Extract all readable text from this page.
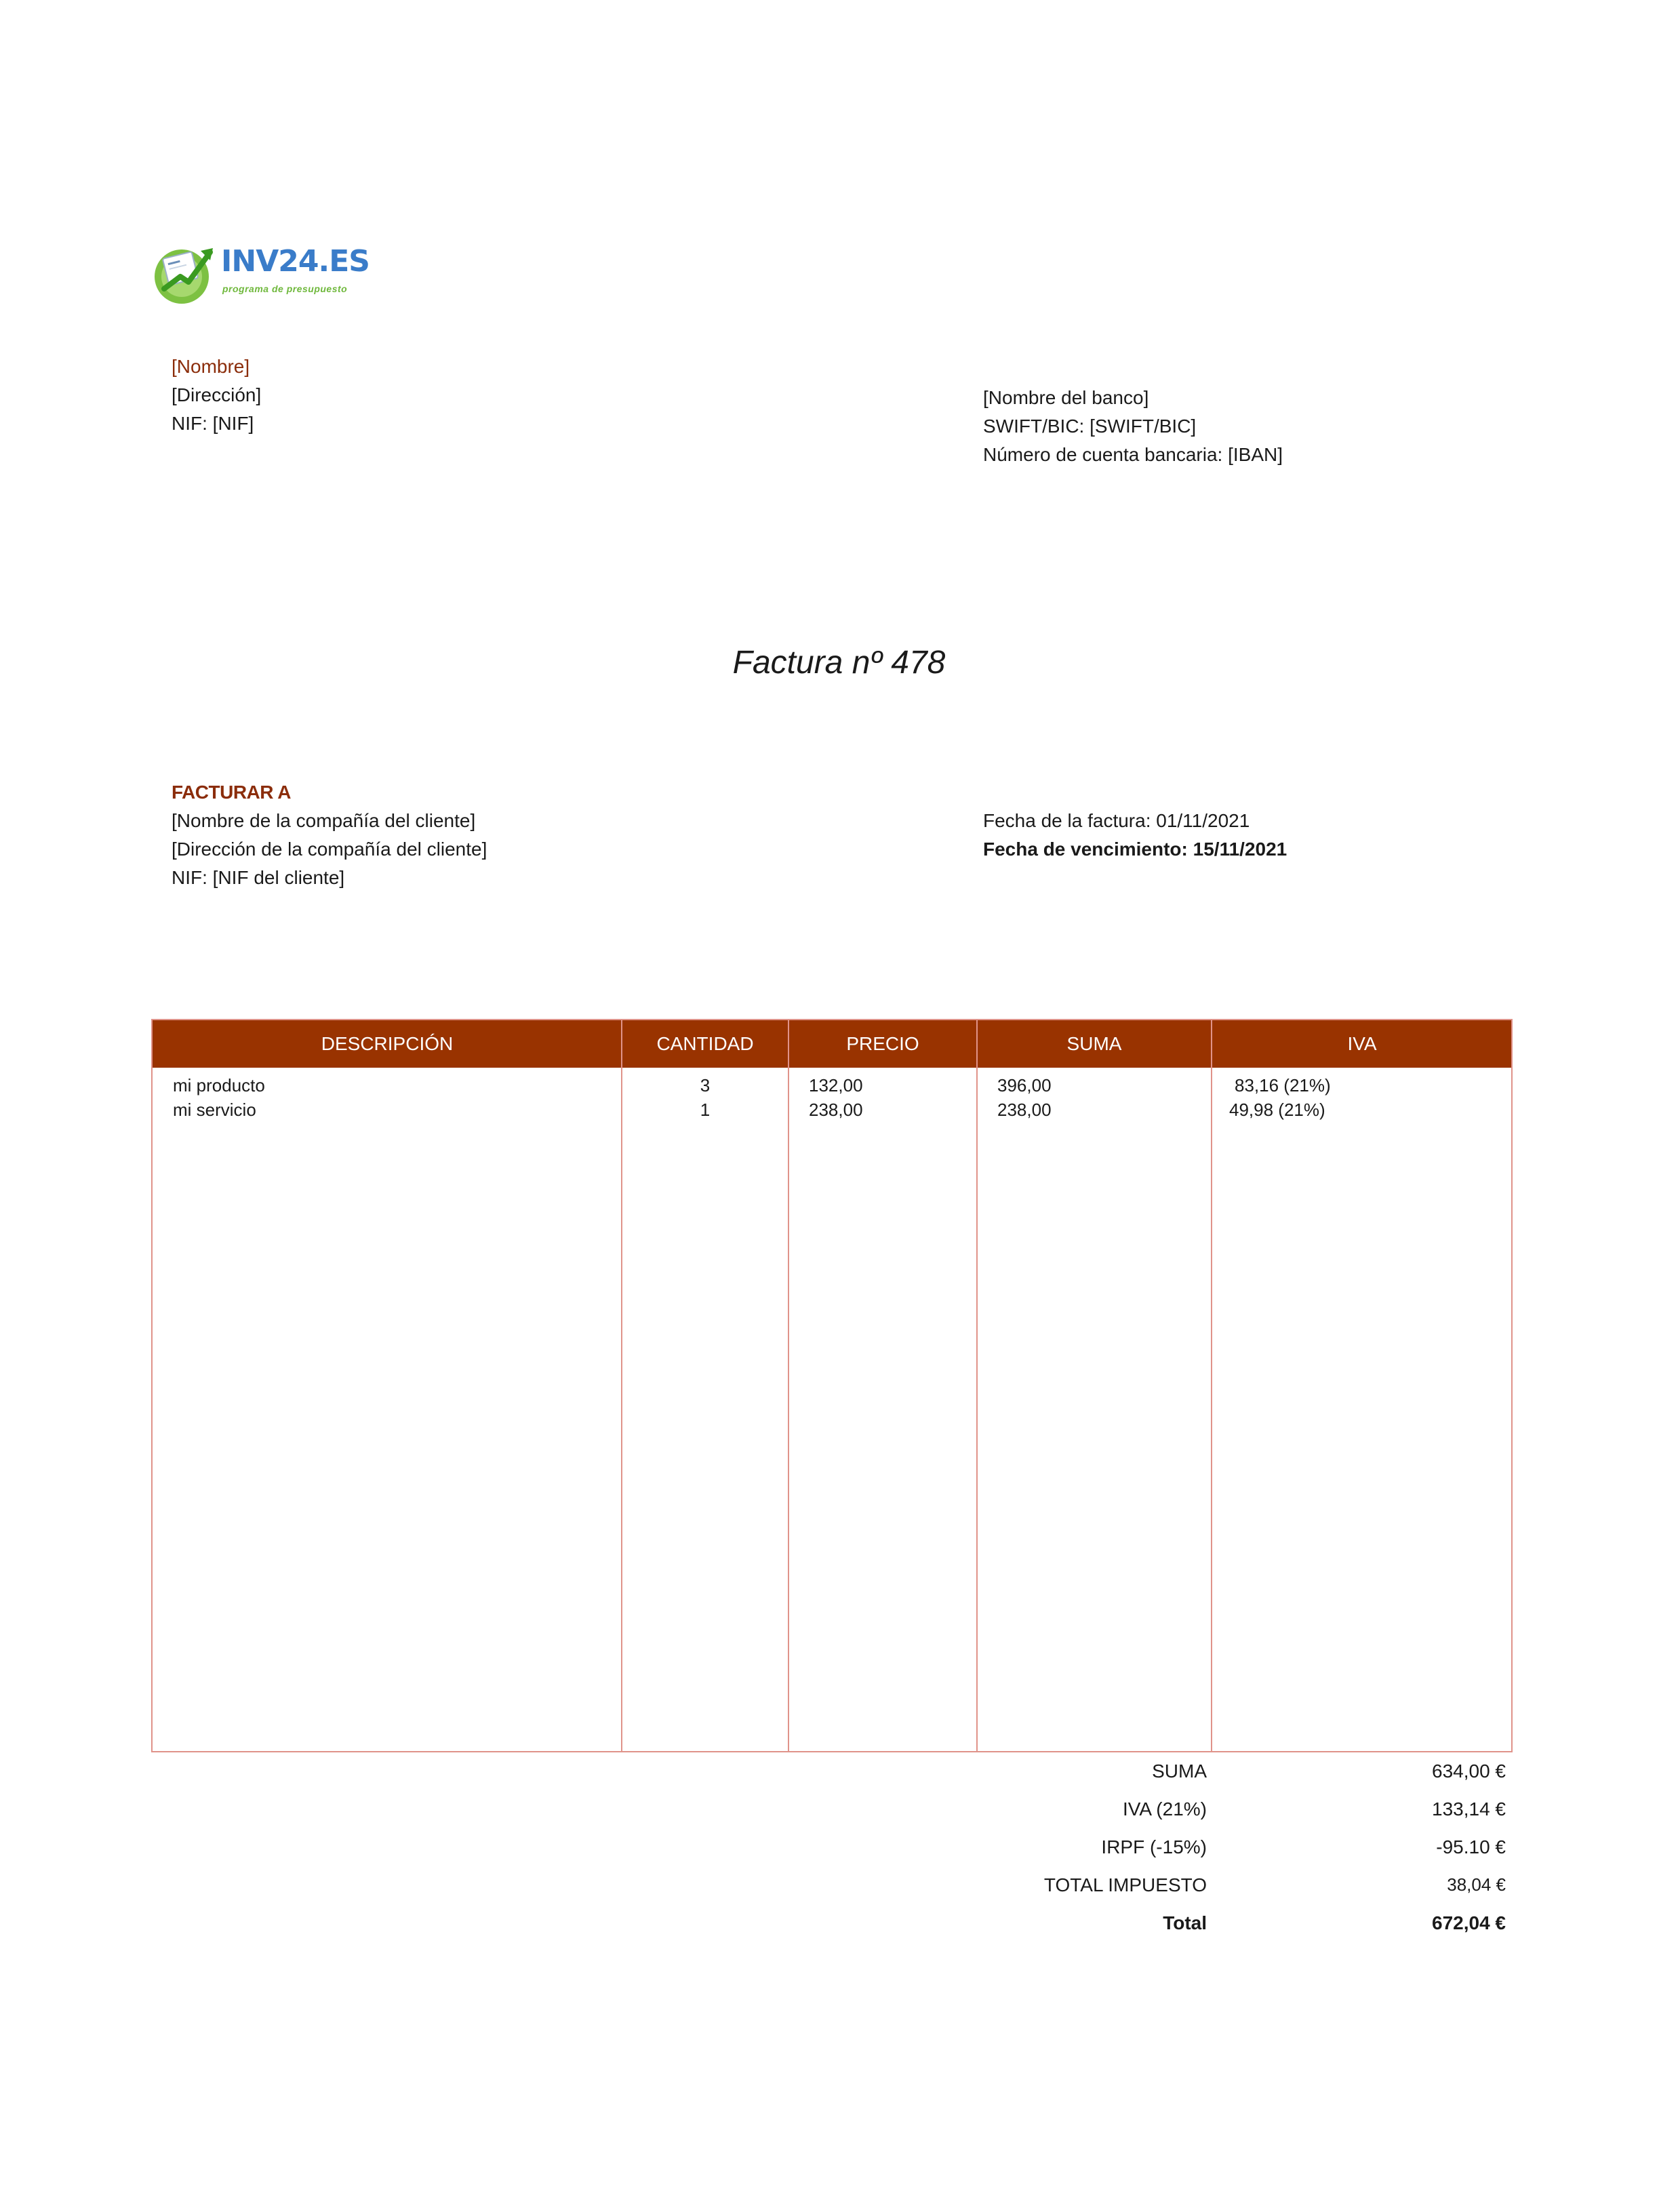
INV24.ES
programa de presupuesto
[Nombre]
[Dirección]
NIF: [NIF]
[Nombre del banco]
SWIFT/BIC: [SWIFT/BIC]
Número de cuenta bancaria: [IBAN]
Factura nº 478
FACTURAR A
[Nombre de la compañía del cliente]
[Dirección de la compañía del cliente]
NIF: [NIF del cliente]
Fecha de la factura: 01/11/2021
Fecha de vencimiento: 15/11/2021
DESCRIPCIÓN	CANTIDAD	PRECIO	SUMA	IVA
mi producto	3	132,00	396,00	83,16 (21%)
mi servicio	1	238,00	238,00	49,98 (21%)
SUMA	634,00 €
IVA (21%)	133,14 €
IRPF (-15%)	-95.10 €
TOTAL IMPUESTO	38,04 €
Total	672,04 €
